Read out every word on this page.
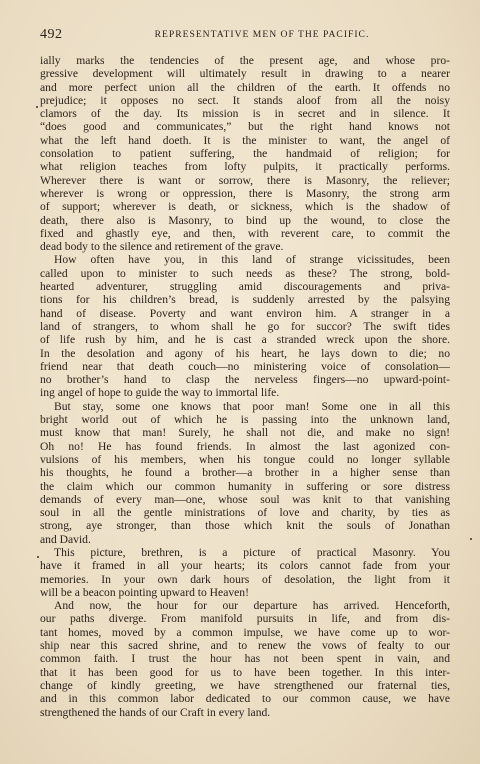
492	REPRESENTATIVE MEN OF THE PACIFIC.
ially marks the tendencies of the present age, and whose pro-
gressive development will ultimately result in drawing to a nearer
and more perfect union all the children of the earth. It offends no
prejudice; it opposes no sect. It stands aloof from all the noisy
clamors of the day. Its mission is in secret and in silence. It
“does good and communicates,” but the right hand knows not
what the left hand doeth. It is the minister to want, the angel of
consolation to patient suffering, the handmaid of religion; for
what religion teaches from lofty pulpits, it practically performs.
Wherever there is want or sorrow, there is Masonry, the reliever;
wherever is wrong or oppression, there is Masonry, the strong arm
of support; wherever is death, or sickness, which is the shadow of
death, there also is Masonry, to bind up the wound, to close the
fixed and ghastly eye, and then, with reverent care, to commit the
dead body to the silence and retirement of the grave.
How often have you, in this land of strange vicissitudes, been
called upon to minister to such needs as these? The strong, bold-
hearted adventurer, struggling amid discouragements and priva-
tions for his children’s bread, is suddenly arrested by the palsying
hand of disease. Poverty and want environ him. A stranger in a
land of strangers, to whom shall he go for succor? The swift tides
of life rush by him, and he is cast a stranded wreck upon the shore.
In the desolation and agony of his heart, he lays down to die; no
friend near that death couch—no ministering voice of consolation—
no brother’s hand to clasp the nerveless fingers—no upward-point-
ing angel of hope to guide the way to immortal life.
But stay, some one knows that poor man! Some one in all this
bright world out of which he is passing into the unknown land,
must know that man! Surely, he shall not die, and make no sign!
Oh no! He has found friends. In almost the last agonized con-
vulsions of his members, when his tongue could no longer syllable
his thoughts, he found a brother—a brother in a higher sense than
the claim which our common humanity in suffering or sore distress
demands of every man—one, whose soul was knit to that vanishing
soul in all the gentle ministrations of love and charity, by ties as
strong, aye stronger, than those which knit the souls of Jonathan
and David.
This picture, brethren, is a picture of practical Masonry. You
have it framed in all your hearts; its colors cannot fade from your
memories. In your own dark hours of desolation, the light from it
will be a beacon pointing upward to Heaven!
And now, the hour for our departure has arrived. Henceforth,
our paths diverge. From manifold pursuits in life, and from dis-
tant homes, moved by a common impulse, we have come up to wor-
ship near this sacred shrine, and to renew the vows of fealty to our
common faith. I trust the hour has not been spent in vain, and
that it has been good for us to have been together. In this inter-
change of kindly greeting, we have strengthened our fraternal ties,
and in this common labor dedicated to our common cause, we have
strengthened the hands of our Craft in every land.
